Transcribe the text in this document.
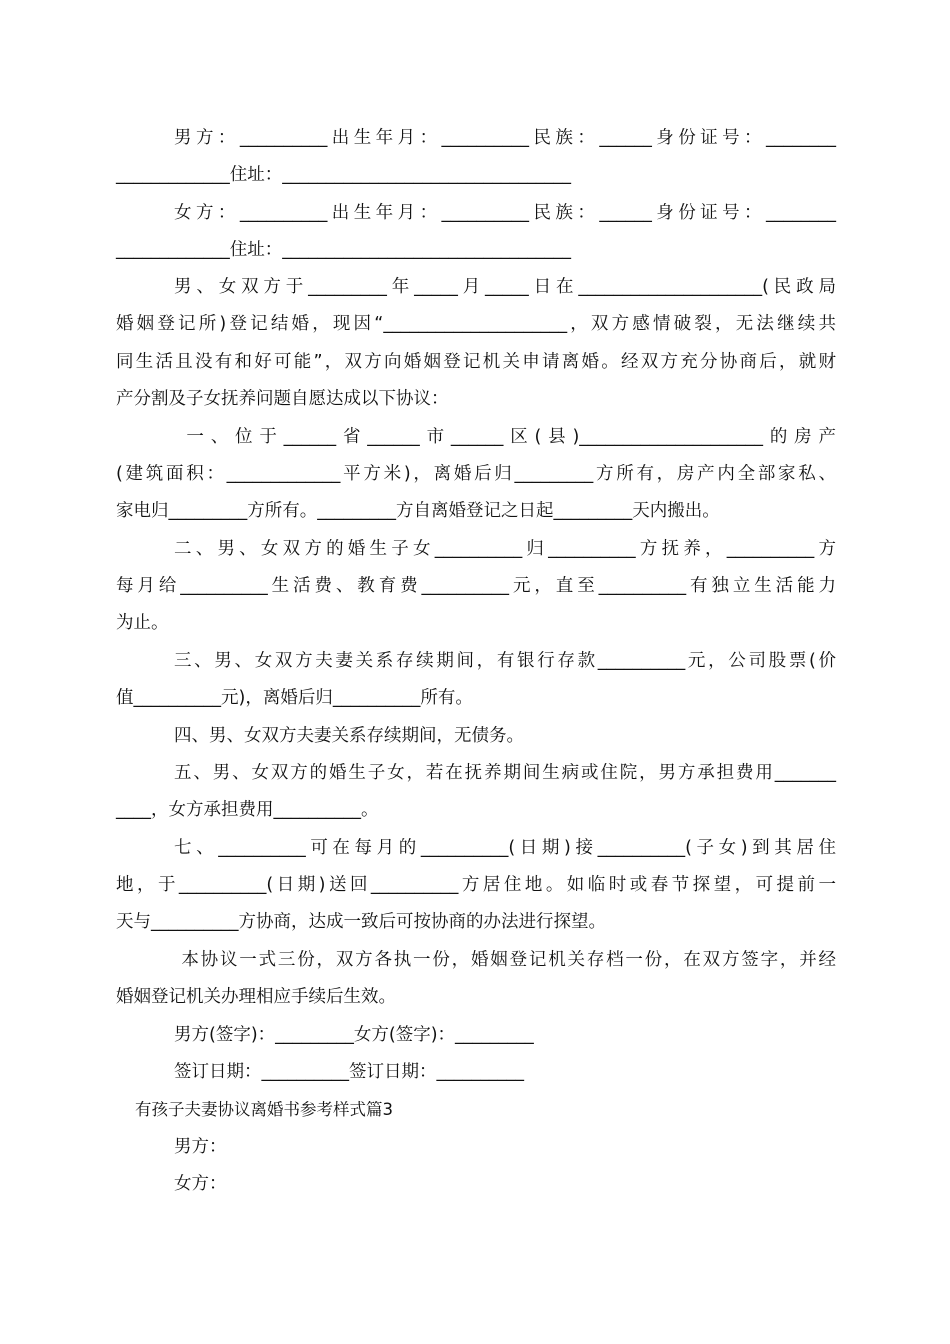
男方：__________出生年月：__________民族：______身份证号：________
_____________住址：_________________________________
女方：__________出生年月：__________民族：______身份证号：________
_____________住址：_________________________________
男、女双方于_________年_____月_____日在_____________________(民政局
婚姻登记所)登记结婚，现因“_____________________，双方感情破裂，无法继续共
同生活且没有和好可能”，双方向婚姻登记机关申请离婚。经双方充分协商后，就财
产分割及子女抚养问题自愿达成以下协议：
一、位于______省______市______区(县)_____________________的房产
(建筑面积：_____________平方米)，离婚后归_________方所有，房产内全部家私、
家电归_________方所有。_________方自离婚登记之日起_________天内搬出。
二、男、女双方的婚生子女__________归__________方抚养，__________方
每月给__________生活费、教育费__________元，直至__________有独立生活能力
为止。
三、男、女双方夫妻关系存续期间，有银行存款__________元，公司股票(价
值__________元)，离婚后归__________所有。
四、男、女双方夫妻关系存续期间，无债务。
五、男、女双方的婚生子女，若在抚养期间生病或住院，男方承担费用_______
____，女方承担费用__________。
七、__________可在每月的__________(日期)接__________(子女)到其居住
地，于__________(日期)送回__________方居住地。如临时或春节探望，可提前一
天与__________方协商，达成一致后可按协商的办法进行探望。
本协议一式三份，双方各执一份，婚姻登记机关存档一份，在双方签字，并经
婚姻登记机关办理相应手续后生效。
男方(签字)：_________女方(签字)：_________
签订日期：__________签订日期：__________
有孩子夫妻协议离婚书参考样式篇3
男方：
女方：
